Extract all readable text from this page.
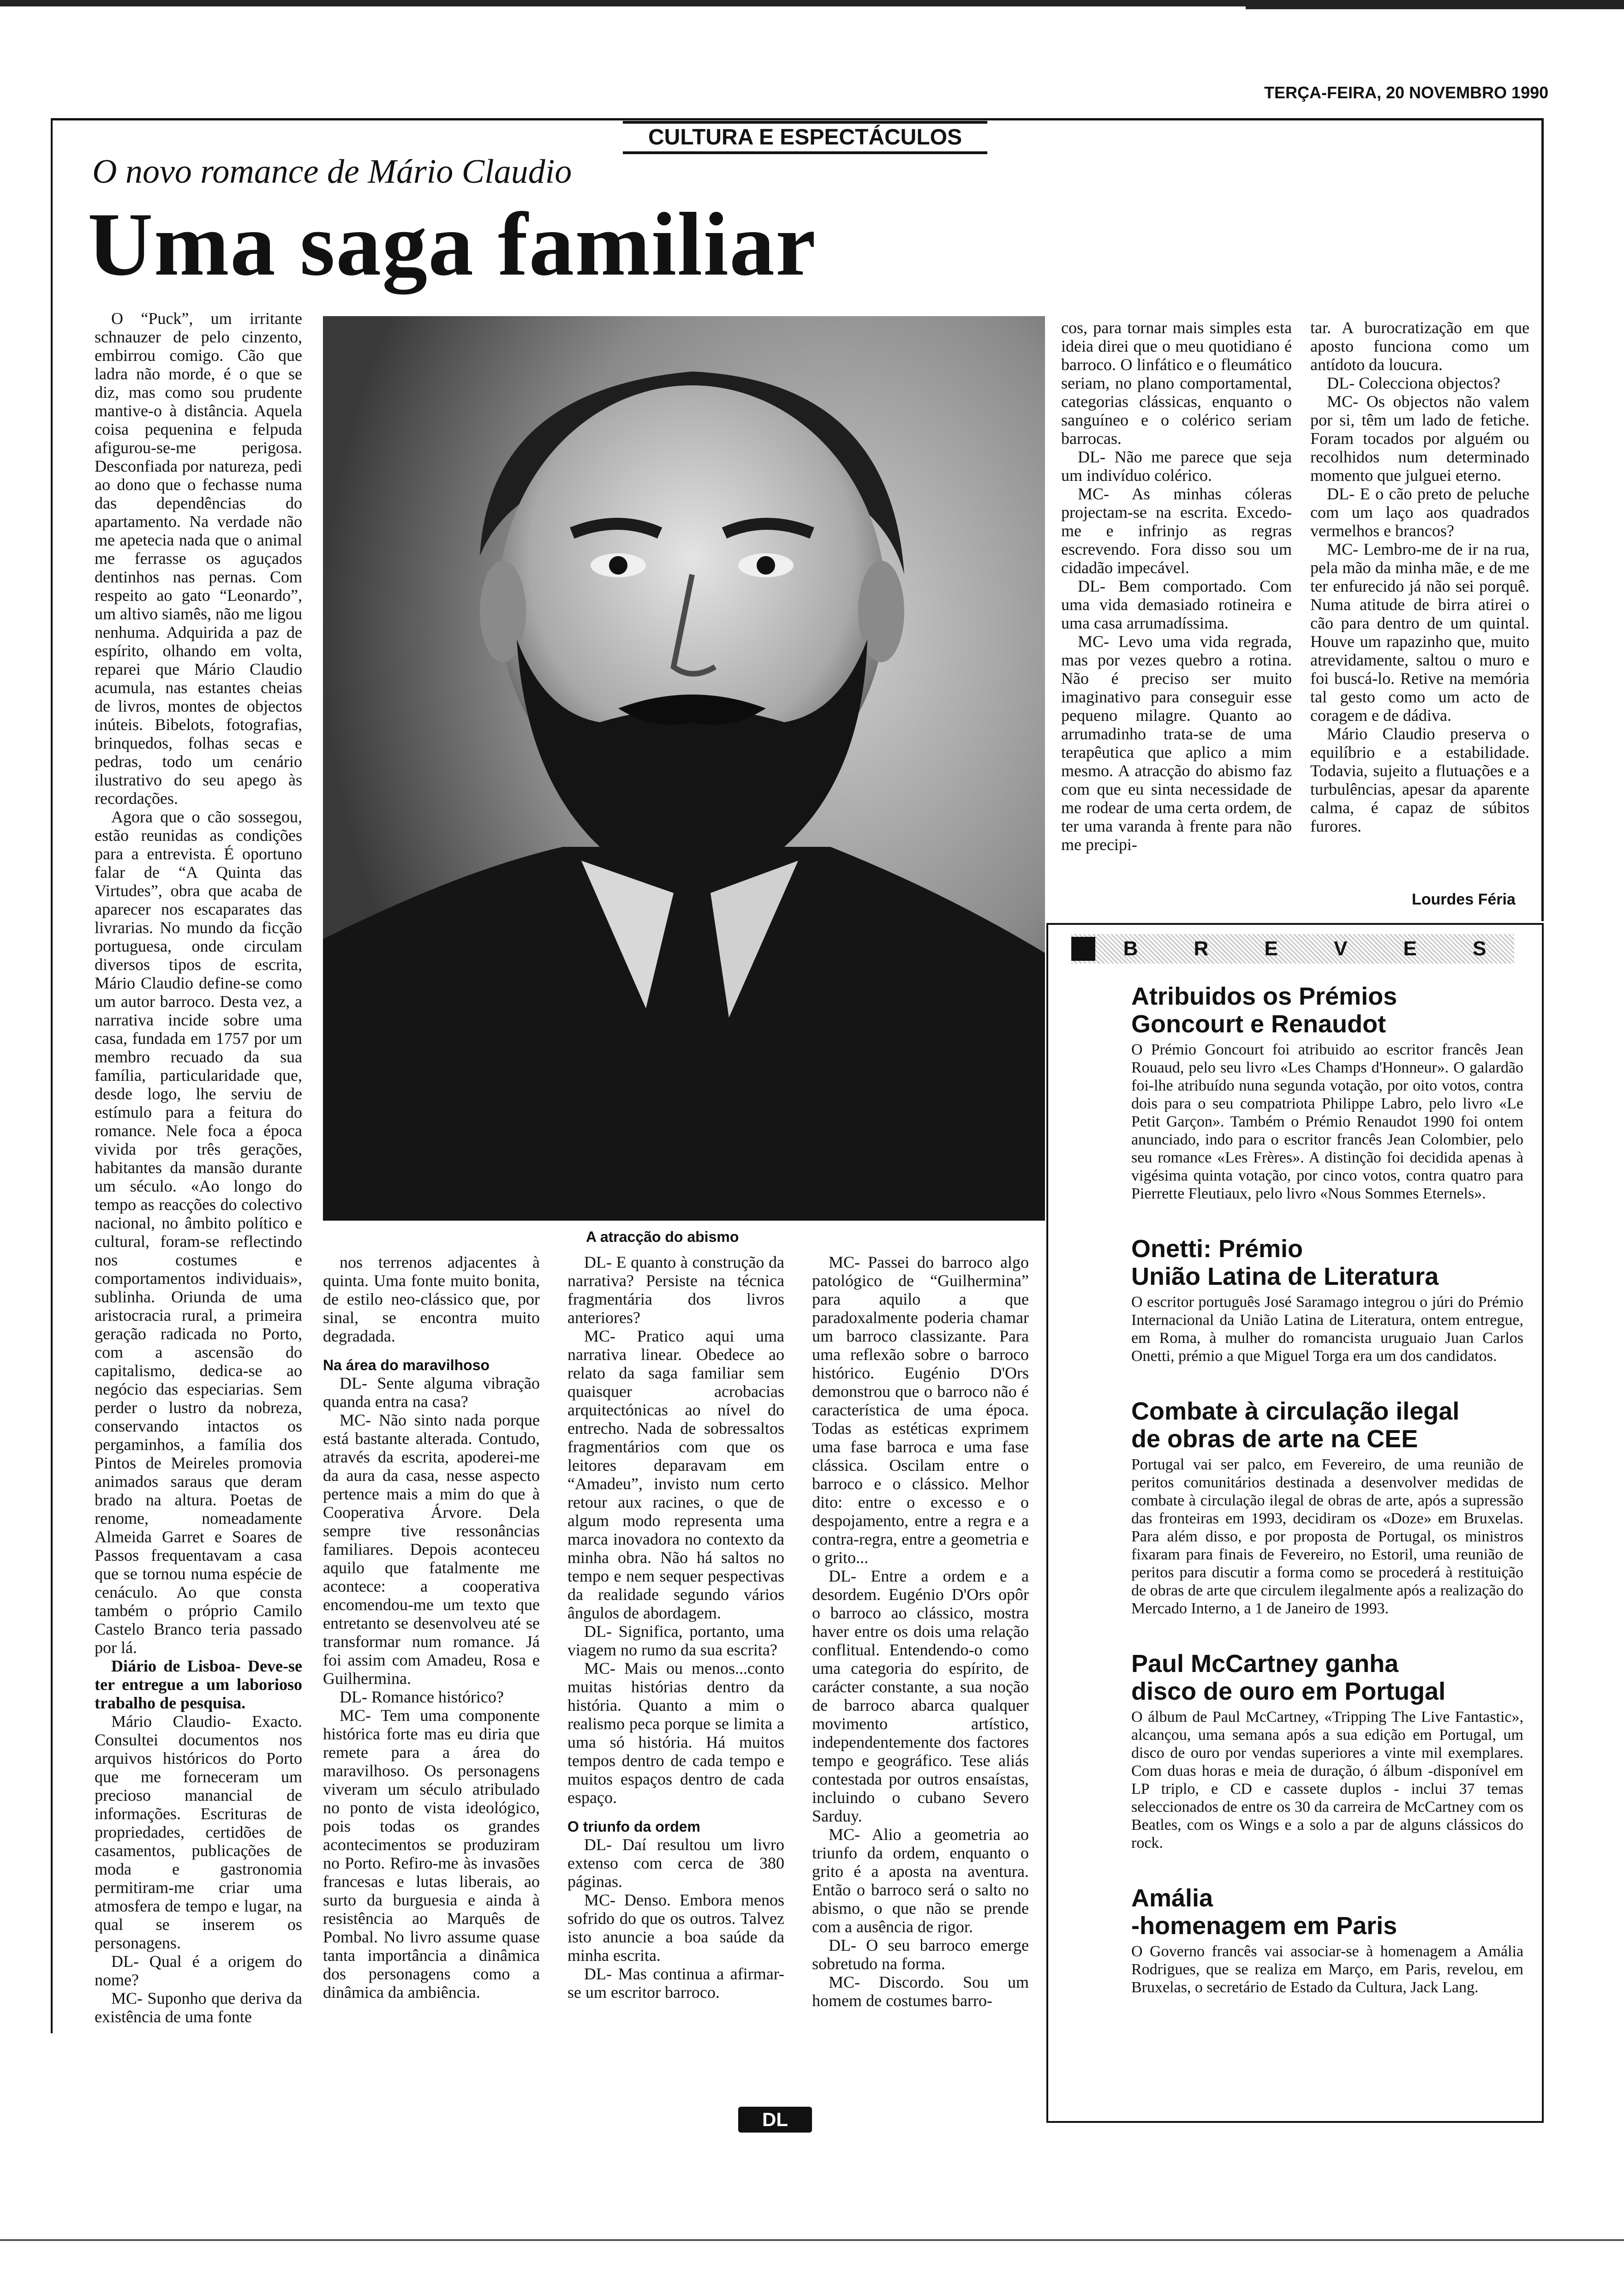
TERÇA-FEIRA, 20 NOVEMBRO 1990
CULTURA E ESPECTÁCULOS
O novo romance de Mário Claudio
Uma saga familiar
A atracção do abismo

O “Puck”, um irritante schnauzer de pelo cinzento, embirrou comigo. Cão que ladra não morde, é o que se diz, mas como sou prudente mantive-o à distância. Aquela coisa pequenina e felpuda afigurou-se-me perigosa. Desconfiada por natureza, pedi ao dono que o fechasse numa das dependências do apartamento. Na verdade não me apetecia nada que o animal me ferrasse os aguçados dentinhos nas pernas. Com respeito ao gato “Leonardo”, um altivo siamês, não me ligou nenhuma. Adquirida a paz de espírito, olhando em volta, reparei que Mário Claudio acumula, nas estantes cheias de livros, montes de objectos inúteis. Bibelots, fotografias, brinquedos, folhas secas e pedras, todo um cenário ilustrativo do seu apego às recordações.

Agora que o cão sossegou, estão reunidas as condições para a entrevista. É oportuno falar de “A Quinta das Virtudes”, obra que acaba de aparecer nos escaparates das livrarias. No mundo da ficção portuguesa, onde circulam diversos tipos de escrita, Mário Claudio define-se como um autor barroco. Desta vez, a narrativa incide sobre uma casa, fundada em 1757 por um membro recuado da sua família, particularidade que, desde logo, lhe serviu de estímulo para a feitura do romance. Nele foca a época vivida por três gerações, habitantes da mansão durante um século. «Ao longo do tempo as reacções do colectivo nacional, no âmbito político e cultural, foram-se reflectindo nos costumes e comportamentos individuais», sublinha. Oriunda de uma aristocracia rural, a primeira geração radicada no Porto, com a ascensão do capitalismo, dedica-se ao negócio das especiarias. Sem perder o lustro da nobreza, conservando intactos os pergaminhos, a família dos Pintos de Meireles promovia animados saraus que deram brado na altura. Poetas de renome, nomeadamente Almeida Garret e Soares de Passos frequentavam a casa que se tornou numa espécie de cenáculo. Ao que consta também o próprio Camilo Castelo Branco teria passado por lá.

Diário de Lisboa- Deve-se ter entregue a um laborioso trabalho de pesquisa.

Mário Claudio- Exacto. Consultei documentos nos arquivos históricos do Porto que me forneceram um precioso manancial de informações. Escrituras de propriedades, certidões de casamentos, publicações de moda e gastronomia permitiram-me criar uma atmosfera de tempo e lugar, na qual se inserem os personagens.

DL- Qual é a origem do nome?

MC- Suponho que deriva da existência de uma fonte

nos terrenos adjacentes à quinta. Uma fonte muito bonita, de estilo neo-clássico que, por sinal, se encontra muito degradada.

Na área do maravilhoso

DL- Sente alguma vibração quanda entra na casa?

MC- Não sinto nada porque está bastante alterada. Contudo, através da escrita, apoderei-me da aura da casa, nesse aspecto pertence mais a mim do que à Cooperativa Árvore. Dela sempre tive ressonâncias familiares. Depois aconteceu aquilo que fatalmente me acontece: a cooperativa encomendou-me um texto que entretanto se desenvolveu até se transformar num romance. Já foi assim com Amadeu, Rosa e Guilhermina.

DL- Romance histórico?

MC- Tem uma componente histórica forte mas eu diria que remete para a área do maravilhoso. Os personagens viveram um século atribulado no ponto de vista ideológico, pois todas os grandes acontecimentos se produziram no Porto. Refiro-me às invasões francesas e lutas liberais, ao surto da burguesia e ainda à resistência ao Marquês de Pombal. No livro assume quase tanta importância a dinâmica dos personagens como a dinâmica da ambiência.

DL- E quanto à construção da narrativa? Persiste na técnica fragmentária dos livros anteriores?

MC- Pratico aqui uma narrativa linear. Obedece ao relato da saga familiar sem quaisquer acrobacias arquitectónicas ao nível do entrecho. Nada de sobressaltos fragmentários com que os leitores deparavam em “Amadeu”, invisto num certo retour aux racines, o que de algum modo representa uma marca inovadora no contexto da minha obra. Não há saltos no tempo e nem sequer pespectivas da realidade segundo vários ângulos de abordagem.

DL- Significa, portanto, uma viagem no rumo da sua escrita?

MC- Mais ou menos...conto muitas histórias dentro da história. Quanto a mim o realismo peca porque se limita a uma só história. Há muitos tempos dentro de cada tempo e muitos espaços dentro de cada espaço.

O triunfo da ordem

DL- Daí resultou um livro extenso com cerca de 380 páginas.

MC- Denso. Embora menos sofrido do que os outros. Talvez isto anuncie a boa saúde da minha escrita.

DL- Mas continua a afirmar-se um escritor barroco.

MC- Passei do barroco algo patológico de “Guilhermina” para aquilo a que paradoxalmente poderia chamar um barroco classizante. Para uma reflexão sobre o barroco histórico. Eugénio D'Ors demonstrou que o barroco não é característica de uma época. Todas as estéticas exprimem uma fase barroca e uma fase clássica. Oscilam entre o barroco e o clássico. Melhor dito: entre o excesso e o despojamento, entre a regra e a contra-regra, entre a geometria e o grito...

DL- Entre a ordem e a desordem. Eugénio D'Ors opôr o barroco ao clássico, mostra haver entre os dois uma relação conflitual. Entendendo-o como uma categoria do espírito, de carácter constante, a sua noção de barroco abarca qualquer movimento artístico, independentemente dos factores tempo e geográfico. Tese aliás contestada por outros ensaístas, incluindo o cubano Severo Sarduy.

MC- Alio a geometria ao triunfo da ordem, enquanto o grito é a aposta na aventura. Então o barroco será o salto no abismo, o que não se prende com a ausência de rigor.

DL- O seu barroco emerge sobretudo na forma.

MC- Discordo. Sou um homem de costumes barro-

cos, para tornar mais simples esta ideia direi que o meu quotidiano é barroco. O linfático e o fleumático seriam, no plano comportamental, categorias clássicas, enquanto o sanguíneo e o colérico seriam barrocas.

DL- Não me parece que seja um indivíduo colérico.

MC- As minhas cóleras projectam-se na escrita. Excedo-me e infrinjo as regras escrevendo. Fora disso sou um cidadão impecável.

DL- Bem comportado. Com uma vida demasiado rotineira e uma casa arrumadíssima.

MC- Levo uma vida regrada, mas por vezes quebro a rotina. Não é preciso ser muito imaginativo para conseguir esse pequeno milagre. Quanto ao arrumadinho trata-se de uma terapêutica que aplico a mim mesmo. A atracção do abismo faz com que eu sinta necessidade de me rodear de uma certa ordem, de ter uma varanda à frente para não me precipi-

tar. A burocratização em que aposto funciona como um antídoto da loucura.

DL- Colecciona objectos?

MC- Os objectos não valem por si, têm um lado de fetiche. Foram tocados por alguém ou recolhidos num determinado momento que julguei eterno.

DL- E o cão preto de peluche com um laço aos quadrados vermelhos e brancos?

MC- Lembro-me de ir na rua, pela mão da minha mãe, e de me ter enfurecido já não sei porquê. Numa atitude de birra atirei o cão para dentro de um quintal. Houve um rapazinho que, muito atrevidamente, saltou o muro e foi buscá-lo. Retive na memória tal gesto como um acto de coragem e de dádiva.

Mário Claudio preserva o equilíbrio e a estabilidade. Todavia, sujeito a flutuações e a turbulências, apesar da aparente calma, é capaz de súbitos furores.

Lourdes Féria
B	R	E	V	E	S

Atribuidos os Prémios

Goncourt e Renaudot

O Prémio Goncourt foi atribuido ao escritor francês Jean Rouaud, pelo seu livro «Les Champs d'Honneur». O galardão foi-lhe atribuído nuna segunda votação, por oito votos, contra dois para o seu compatriota Philippe Labro, pelo livro «Le Petit Garçon». Também o Prémio Renaudot 1990 foi ontem anunciado, indo para o escritor francês Jean Colombier, pelo seu romance «Les Frères». A distinção foi decidida apenas à vigésima quinta votação, por cinco votos, contra quatro para Pierrette Fleutiaux, pelo livro «Nous Sommes Eternels».

Onetti: Prémio

União Latina de Literatura

O escritor português José Saramago integrou o júri do Prémio Internacional da União Latina de Literatura, ontem entregue, em Roma, à mulher do romancista uruguaio Juan Carlos Onetti, prémio a que Miguel Torga era um dos candidatos.

Combate à circulação ilegal

de obras de arte na CEE

Portugal vai ser palco, em Fevereiro, de uma reunião de peritos comunitários destinada a desenvolver medidas de combate à circulação ilegal de obras de arte, após a supressão das fronteiras em 1993, decidiram os «Doze» em Bruxelas. Para além disso, e por proposta de Portugal, os ministros fixaram para finais de Fevereiro, no Estoril, uma reunião de peritos para discutir a forma como se procederá à restituição de obras de arte que circulem ilegalmente após a realização do Mercado Interno, a 1 de Janeiro de 1993.

Paul McCartney ganha

disco de ouro em Portugal

O álbum de Paul McCartney, «Tripping The Live Fantastic», alcançou, uma semana após a sua edição em Portugal, um disco de ouro por vendas superiores a vinte mil exemplares. Com duas horas e meia de duração, ó álbum -disponível em LP triplo, e CD e cassete duplos - inclui 37 temas seleccionados de entre os 30 da carreira de McCartney com os Beatles, com os Wings e a solo a par de alguns clássicos do rock.

Amália

-homenagem em Paris

O Governo francês vai associar-se à homenagem a Amália Rodrigues, que se realiza em Março, em Paris, revelou, em Bruxelas, o secretário de Estado da Cultura, Jack Lang.

DL
